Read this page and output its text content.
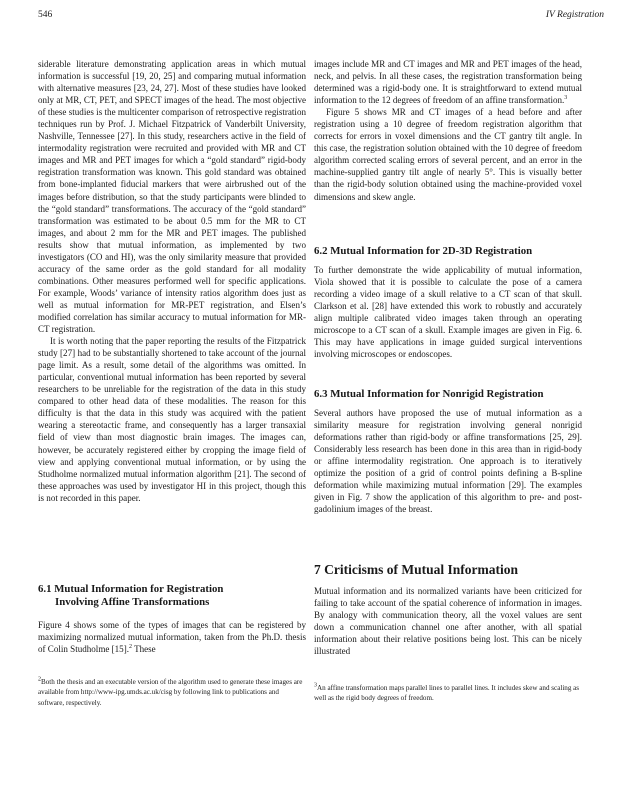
546	IV Registration

siderable literature demonstrating application areas in which mutual information is successful [19, 20, 25] and comparing mutual information with alternative measures [23, 24, 27]. Most of these studies have looked only at MR, CT, PET, and SPECT images of the head. The most objective of these studies is the multicenter comparison of retrospective registration techniques run by Prof. J. Michael Fitzpatrick of Vanderbilt University, Nashville, Tennessee [27]. In this study, researchers active in the field of intermodality registration were recruited and provided with MR and CT images and MR and PET images for which a “gold standard” rigid-body registration transformation was known. This gold standard was obtained from bone-implanted fiducial markers that were airbrushed out of the images before distribution, so that the study participants were blinded to the “gold standard” transformations. The accuracy of the “gold standard” transformation was estimated to be about 0.5 mm for the MR to CT images, and about 2 mm for the MR and PET images. The published results show that mutual information, as implemented by two investigators (CO and HI), was the only similarity measure that provided accuracy of the same order as the gold standard for all modality combinations. Other measures performed well for specific applications. For example, Woods’ variance of intensity ratios algorithm does just as well as mutual information for MR-PET registration, and Elsen’s modified correlation has similar accuracy to mutual information for MR-CT registration.

It is worth noting that the paper reporting the results of the Fitzpatrick study [27] had to be substantially shortened to take account of the journal page limit. As a result, some detail of the algorithms was omitted. In particular, conventional mutual information has been reported by several researchers to be unreliable for the registration of the data in this study compared to other head data of these modalities. The reason for this difficulty is that the data in this study was acquired with the patient wearing a stereotactic frame, and consequently has a larger transaxial field of view than most diagnostic brain images. The images can, however, be accurately registered either by cropping the image field of view and applying conventional mutual information, or by using the Studholme normalized mutual information algorithm [21]. The second of these approaches was used by investigator HI in this project, though this is not recorded in this paper.

6.1 Mutual Information for Registration
Involving Affine Transformations

Figure 4 shows some of the types of images that can be registered by maximizing normalized mutual information, taken from the Ph.D. thesis of Colin Studholme [15].$^2$ These

$^2$Both the thesis and an executable version of the algorithm used to generate these images are available from http://www-ipg.umds.ac.uk/cisg by following link to publications and software, respectively.

images include MR and CT images and MR and PET images of the head, neck, and pelvis. In all these cases, the registration transformation being determined was a rigid-body one. It is straightforward to extend mutual information to the 12 degrees of freedom of an affine transformation.$^3$

Figure 5 shows MR and CT images of a head before and after registration using a 10 degree of freedom registration algorithm that corrects for errors in voxel dimensions and the CT gantry tilt angle. In this case, the registration solution obtained with the 10 degree of freedom algorithm corrected scaling errors of several percent, and an error in the machine-supplied gantry tilt angle of nearly 5°. This is visually better than the rigid-body solution obtained using the machine-provided voxel dimensions and skew angle.

6.2 Mutual Information for 2D-3D Registration

To further demonstrate the wide applicability of mutual information, Viola showed that it is possible to calculate the pose of a camera recording a video image of a skull relative to a CT scan of that skull. Clarkson et al. [28] have extended this work to robustly and accurately align multiple calibrated video images taken through an operating microscope to a CT scan of a skull. Example images are given in Fig. 6. This may have applications in image guided surgical interventions involving microscopes or endoscopes.

6.3 Mutual Information for Nonrigid Registration

Several authors have proposed the use of mutual information as a similarity measure for registration involving general nonrigid deformations rather than rigid-body or affine transformations [25, 29]. Considerably less research has been done in this area than in rigid-body or affine intermodality registration. One approach is to iteratively optimize the position of a grid of control points defining a B-spline deformation while maximizing mutual information [29]. The examples given in Fig. 7 show the application of this algorithm to pre- and post-gadolinium images of the breast.

7 Criticisms of Mutual Information

Mutual information and its normalized variants have been criticized for failing to take account of the spatial coherence of information in images. By analogy with communication theory, all the voxel values are sent down a communication channel one after another, with all spatial information about their relative positions being lost. This can be nicely illustrated

$^3$An affine transformation maps parallel lines to parallel lines. It includes skew and scaling as well as the rigid body degrees of freedom.
